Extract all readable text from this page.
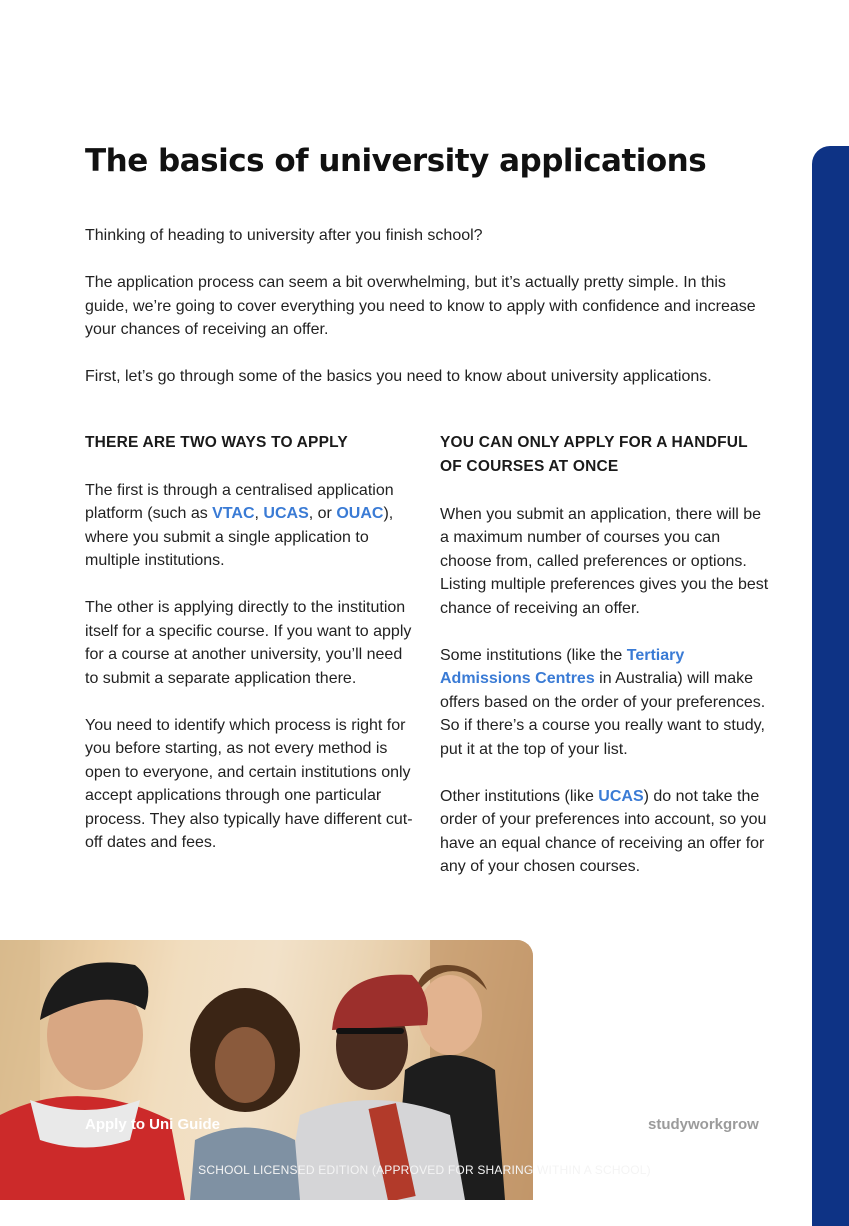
The basics of university applications

Thinking of heading to university after you finish school?

The application process can seem a bit overwhelming, but it’s actually pretty simple. In this guide, we’re going to cover everything you need to know to apply with confidence and increase your chances of receiving an offer.

First, let’s go through some of the basics you need to know about university applications.

THERE ARE TWO WAYS TO APPLY

The first is through a centralised application platform (such as VTAC, UCAS, or OUAC), where you submit a single application to multiple institutions.

The other is applying directly to the institution itself for a specific course. If you want to apply for a course at another university, you’ll need to submit a separate application there.

You need to identify which process is right for you before starting, as not every method is open to everyone, and certain institutions only accept applications through one particular process. They also typically have different cut-off dates and fees.

YOU CAN ONLY APPLY FOR A HANDFUL OF COURSES AT ONCE

When you submit an application, there will be a maximum number of courses you can choose from, called preferences or options. Listing multiple preferences gives you the best chance of receiving an offer.

Some institutions (like the Tertiary Admissions Centres in Australia) will make offers based on the order of your preferences. So if there’s a course you really want to study, put it at the top of your list.

Other institutions (like UCAS) do not take the order of your preferences into account, so you have an equal chance of receiving an offer for any of your chosen courses.

Apply to Uni Guide	studyworkgrow
SCHOOL LICENSED EDITION (APPROVED FOR SHARING WITHIN A SCHOOL)
